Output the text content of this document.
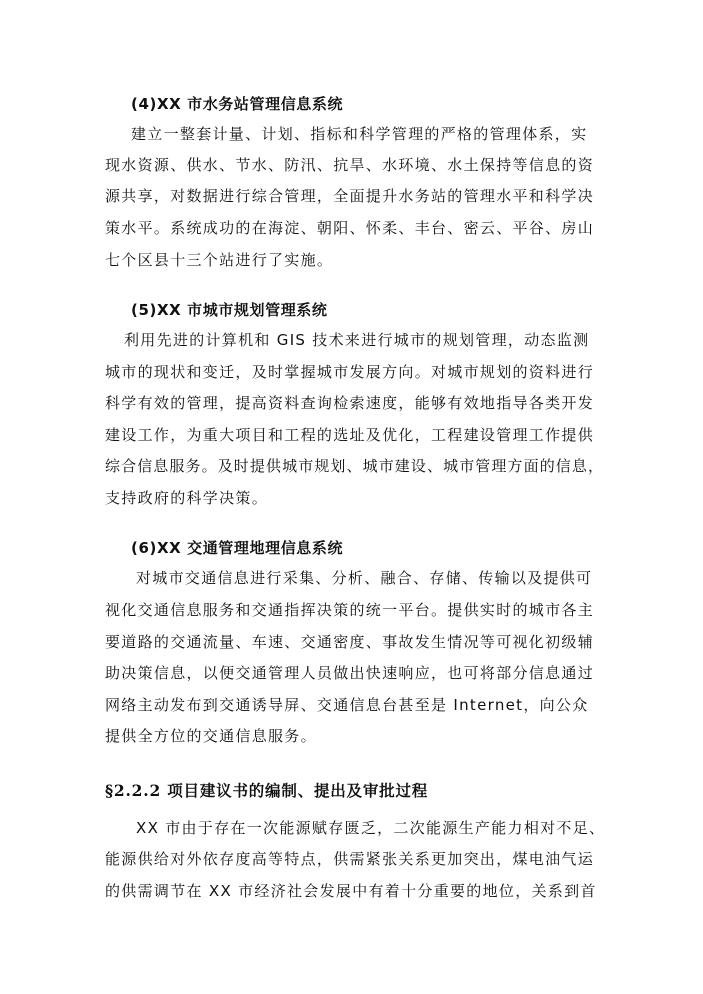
(4)XX 市水务站管理信息系统
建立一整套计量、计划、指标和科学管理的严格的管理体系，实
现水资源、供水、节水、防汛、抗旱、水环境、水土保持等信息的资
源共享，对数据进行综合管理，全面提升水务站的管理水平和科学决
策水平。系统成功的在海淀、朝阳、怀柔、丰台、密云、平谷、房山
七个区县十三个站进行了实施。
(5)XX 市城市规划管理系统
利用先进的计算机和 GIS 技术来进行城市的规划管理，动态监测
城市的现状和变迁，及时掌握城市发展方向。对城市规划的资料进行
科学有效的管理，提高资料查询检索速度，能够有效地指导各类开发
建设工作，为重大项目和工程的选址及优化，工程建设管理工作提供
综合信息服务。及时提供城市规划、城市建设、城市管理方面的信息，
支持政府的科学决策。
(6)XX 交通管理地理信息系统
对城市交通信息进行采集、分析、融合、存储、传输以及提供可
视化交通信息服务和交通指挥决策的统一平台。提供实时的城市各主
要道路的交通流量、车速、交通密度、事故发生情况等可视化初级辅
助决策信息，以便交通管理人员做出快速响应，也可将部分信息通过
网络主动发布到交通诱导屏、交通信息台甚至是 Internet，向公众
提供全方位的交通信息服务。
§2.2.2 项目建议书的编制、提出及审批过程
XX 市由于存在一次能源赋存匮乏，二次能源生产能力相对不足、
能源供给对外依存度高等特点，供需紧张关系更加突出，煤电油气运
的供需调节在 XX 市经济社会发展中有着十分重要的地位，关系到首
